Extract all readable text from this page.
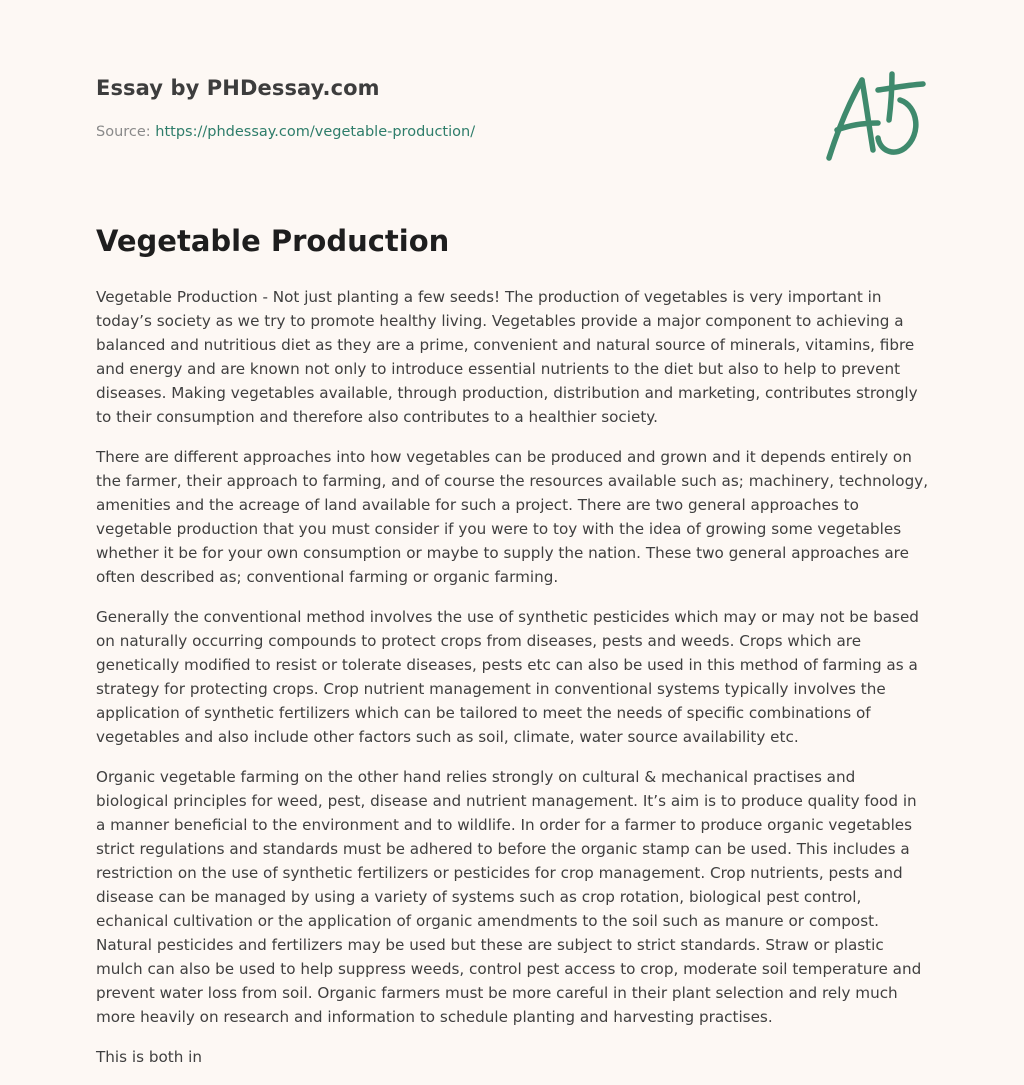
Essay by PHDessay.com
Source: https://phdessay.com/vegetable-production/
Vegetable Production

Vegetable Production - Not just planting a few seeds! The production of vegetables is very important in today’s society as we try to promote healthy living. Vegetables provide a major component to achieving a balanced and nutritious diet as they are a prime, convenient and natural source of minerals, vitamins, fibre and energy and are known not only to introduce essential nutrients to the diet but also to help to prevent diseases. Making vegetables available, through production, distribution and marketing, contributes strongly to their consumption and therefore also contributes to a healthier society.

There are different approaches into how vegetables can be produced and grown and it depends entirely on the farmer, their approach to farming, and of course the resources available such as; machinery, technology, amenities and the acreage of land available for such a project. There are two general approaches to vegetable production that you must consider if you were to toy with the idea of growing some vegetables whether it be for your own consumption or maybe to supply the nation. These two general approaches are often described as; conventional farming or organic farming.

Generally the conventional method involves the use of synthetic pesticides which may or may not be based on naturally occurring compounds to protect crops from diseases, pests and weeds. Crops which are genetically modified to resist or tolerate diseases, pests etc can also be used in this method of farming as a strategy for protecting crops. Crop nutrient management in conventional systems typically involves the application of synthetic fertilizers which can be tailored to meet the needs of specific combinations of vegetables and also include other factors such as soil, climate, water source availability etc.

Organic vegetable farming on the other hand relies strongly on cultural & mechanical practises and biological principles for weed, pest, disease and nutrient management. It’s aim is to produce quality food in a manner beneficial to the environment and to wildlife. In order for a farmer to produce organic vegetables strict regulations and standards must be adhered to before the organic stamp can be used. This includes a restriction on the use of synthetic fertilizers or pesticides for crop management. Crop nutrients, pests and disease can be managed by using a variety of systems such as crop rotation, biological pest control, echanical cultivation or the application of organic amendments to the soil such as manure or compost. Natural pesticides and fertilizers may be used but these are subject to strict standards. Straw or plastic mulch can also be used to help suppress weeds, control pest access to crop, moderate soil temperature and prevent water loss from soil. Organic farmers must be more careful in their plant selection and rely much more heavily on research and information to schedule planting and harvesting practises.

This is both in
